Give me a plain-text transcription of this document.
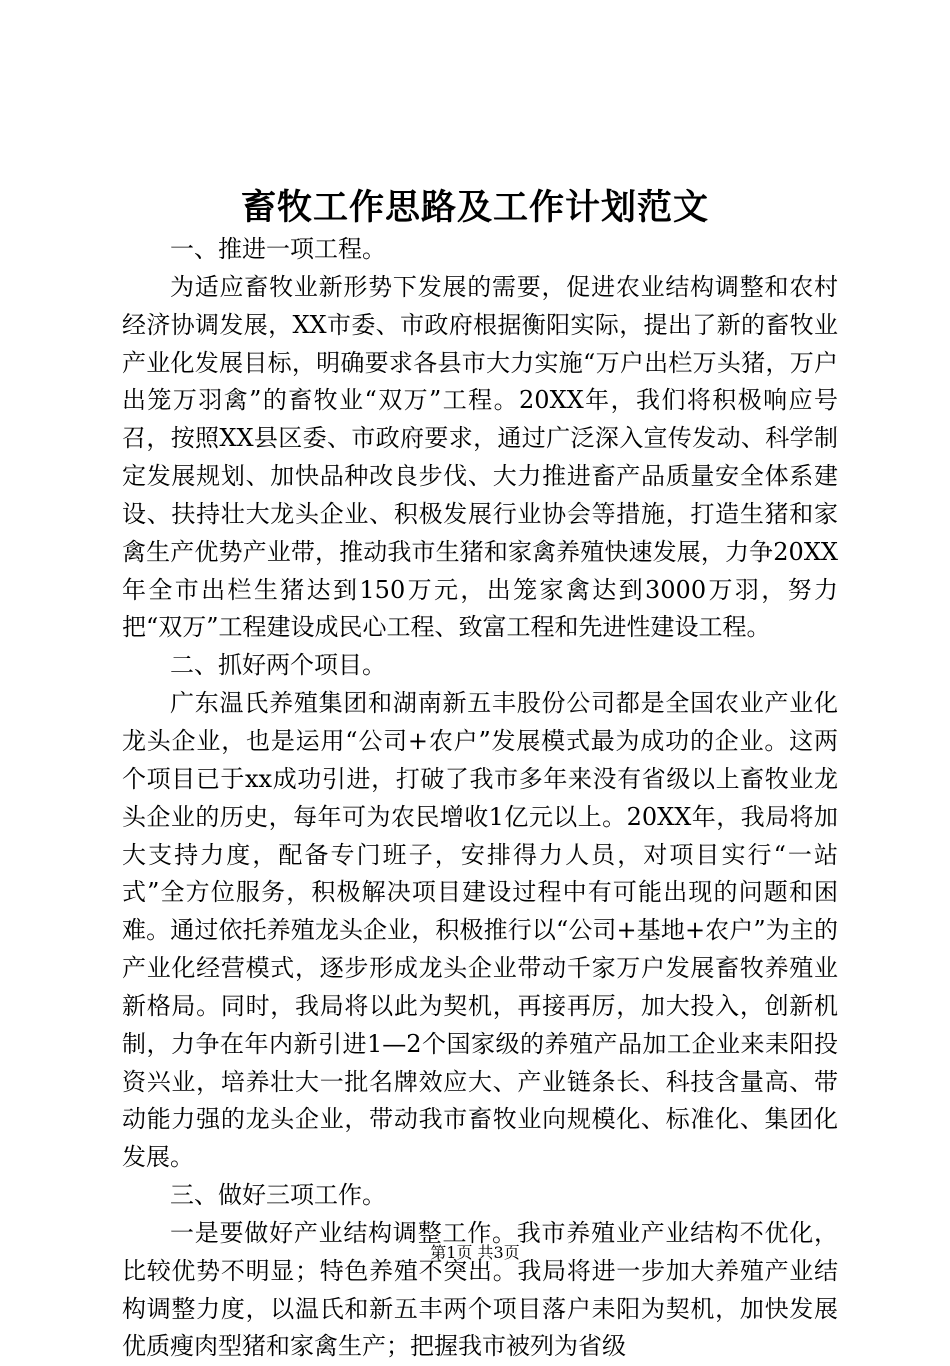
畜牧工作思路及工作计划范文

一、推进一项工程。

为适应畜牧业新形势下发展的需要，促进农业结构调整和农村经济协调发展，XX市委、市政府根据衡阳实际，提出了新的畜牧业产业化发展目标，明确要求各县市大力实施“万户出栏万头猪，万户出笼万羽禽”的畜牧业“双万”工程。20XX年，我们将积极响应号召，按照XX县区委、市政府要求，通过广泛深入宣传发动、科学制定发展规划、加快品种改良步伐、大力推进畜产品质量安全体系建设、扶持壮大龙头企业、积极发展行业协会等措施，打造生猪和家禽生产优势产业带，推动我市生猪和家禽养殖快速发展，力争20XX年全市出栏生猪达到150万元，出笼家禽达到3000万羽，努力把“双万”工程建设成民心工程、致富工程和先进性建设工程。

二、抓好两个项目。

广东温氏养殖集团和湖南新五丰股份公司都是全国农业产业化龙头企业，也是运用“公司+农户”发展模式最为成功的企业。这两个项目已于xx成功引进，打破了我市多年来没有省级以上畜牧业龙头企业的历史，每年可为农民增收1亿元以上。20XX年，我局将加大支持力度，配备专门班子，安排得力人员，对项目实行“一站式”全方位服务，积极解决项目建设过程中有可能出现的问题和困难。通过依托养殖龙头企业，积极推行以“公司+基地+农户”为主的产业化经营模式，逐步形成龙头企业带动千家万户发展畜牧养殖业新格局。同时，我局将以此为契机，再接再厉，加大投入，创新机制，力争在年内新引进1—2个国家级的养殖产品加工企业来耒阳投资兴业，培养壮大一批名牌效应大、产业链条长、科技含量高、带动能力强的龙头企业，带动我市畜牧业向规模化、标准化、集团化发展。

三、做好三项工作。

一是要做好产业结构调整工作。我市养殖业产业结构不优化，比较优势不明显；特色养殖不突出。我局将进一步加大养殖产业结构调整力度，以温氏和新五丰两个项目落户耒阳为契机，加快发展优质瘦肉型猪和家禽生产；把握我市被列为省级

第1页 共3页
